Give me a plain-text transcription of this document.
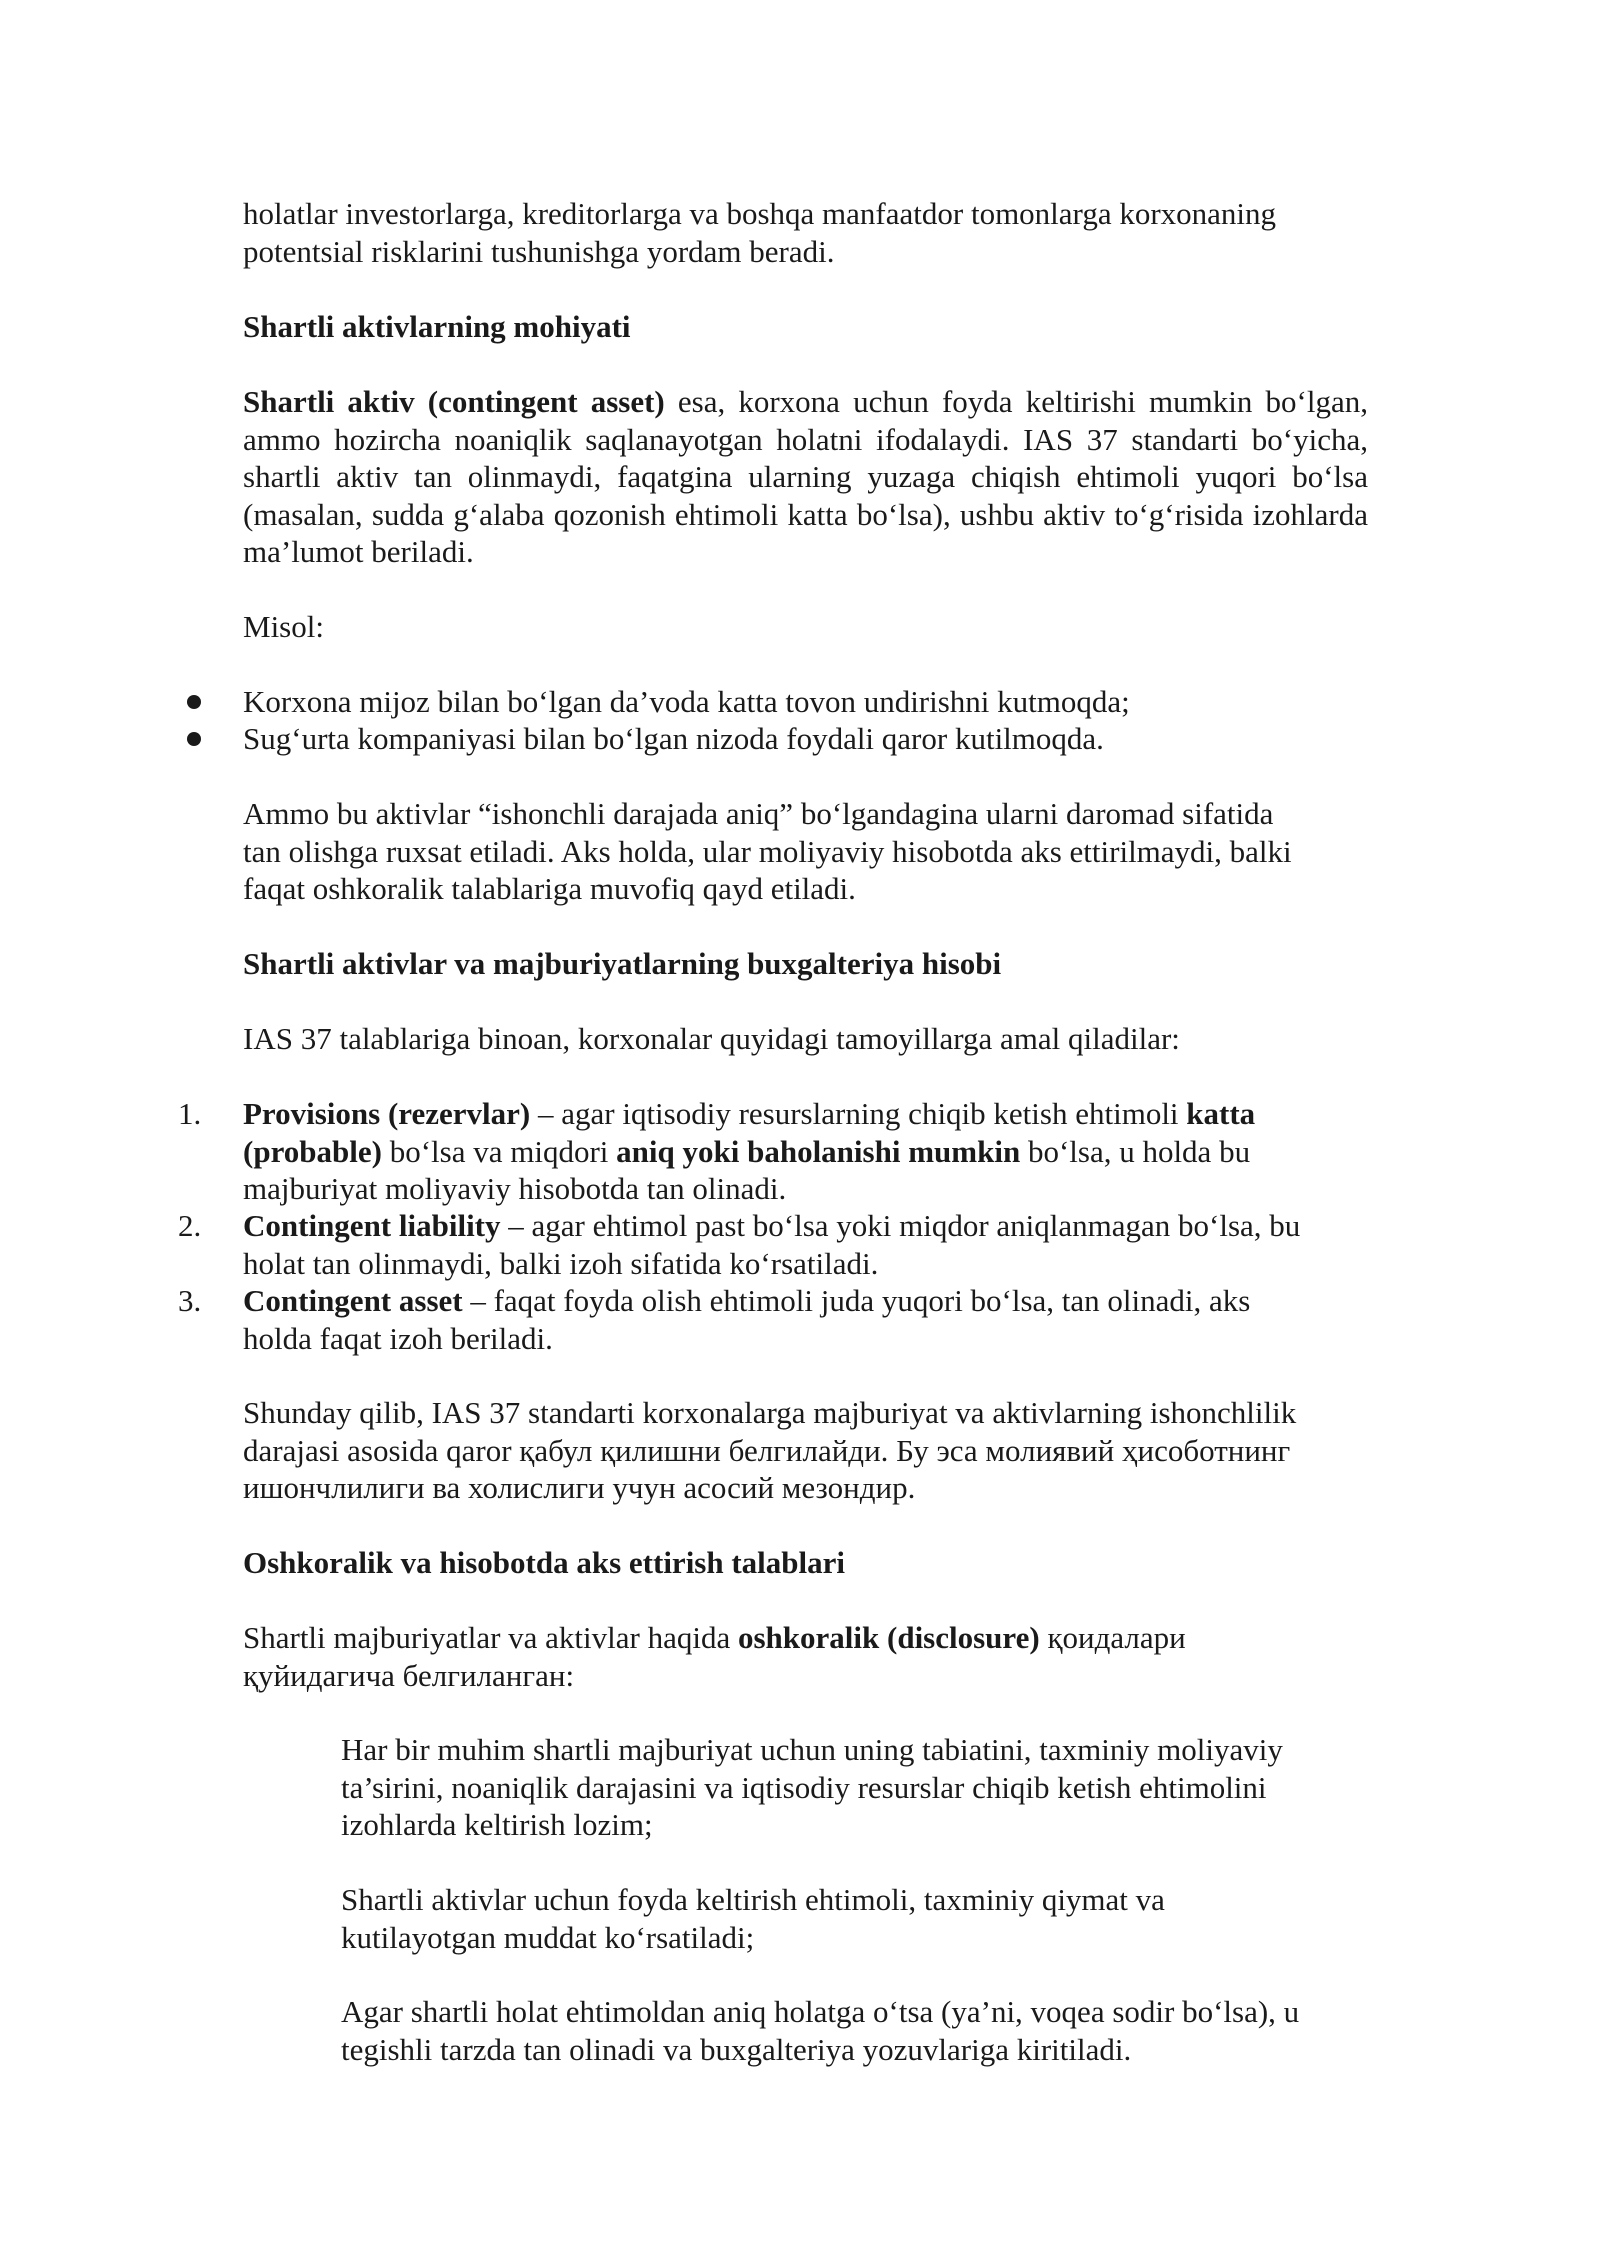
holatlar investorlarga, kreditorlarga va boshqa manfaatdor tomonlarga korxonaning

potentsial risklarini tushunishga yordam beradi.

Shartli aktivlarning mohiyati

Shartli aktiv (contingent asset) esa, korxona uchun foyda keltirishi mumkin bo‘lgan, ammo hozircha noaniqlik saqlanayotgan holatni ifodalaydi. IAS 37 standarti bo‘yicha, shartli aktiv tan olinmaydi, faqatgina ularning yuzaga chiqish ehtimoli yuqori bo‘lsa (masalan, sudda g‘alaba qozonish ehtimoli katta bo‘lsa), ushbu aktiv to‘g‘risida izohlarda ma’lumot beriladi.

Misol:

Korxona mijoz bilan bo‘lgan da’voda katta tovon undirishni kutmoqda;
Sug‘urta kompaniyasi bilan bo‘lgan nizoda foydali qaror kutilmoqda.

Ammo bu aktivlar “ishonchli darajada aniq” bo‘lgandagina ularni daromad sifatida

tan olishga ruxsat etiladi. Aks holda, ular moliyaviy hisobotda aks ettirilmaydi, balki

faqat oshkoralik talablariga muvofiq qayd etiladi.

Shartli aktivlar va majburiyatlarning buxgalteriya hisobi

IAS 37 talablariga binoan, korxonalar quyidagi tamoyillarga amal qiladilar:

1.	Provisions (rezervlar) – agar iqtisodiy resurslarning chiqib ketish ehtimoli katta
(probable) bo‘lsa va miqdori aniq yoki baholanishi mumkin bo‘lsa, u holda bu
majburiyat moliyaviy hisobotda tan olinadi.
2.	Contingent liability – agar ehtimol past bo‘lsa yoki miqdor aniqlanmagan bo‘lsa, bu
holat tan olinmaydi, balki izoh sifatida ko‘rsatiladi.
3.	Contingent asset – faqat foyda olish ehtimoli juda yuqori bo‘lsa, tan olinadi, aks
holda faqat izoh beriladi.

Shunday qilib, IAS 37 standarti korxonalarga majburiyat va aktivlarning ishonchlilik

darajasi asosida qaror қабул қилишни белгилайди. Бу эса молиявий ҳисоботнинг

ишончлилиги ва холислиги учун асосий мезондир.

Oshkoralik va hisobotda aks ettirish talablari

Shartli majburiyatlar va aktivlar haqida oshkoralik (disclosure) қоидалари

қуйидагича белгиланган:

Har bir muhim shartli majburiyat uchun uning tabiatini, taxminiy moliyaviy

ta’sirini, noaniqlik darajasini va iqtisodiy resurslar chiqib ketish ehtimolini

izohlarda keltirish lozim;

Shartli aktivlar uchun foyda keltirish ehtimoli, taxminiy qiymat va

kutilayotgan muddat ko‘rsatiladi;

Agar shartli holat ehtimoldan aniq holatga o‘tsa (ya’ni, voqea sodir bo‘lsa), u

tegishli tarzda tan olinadi va buxgalteriya yozuvlariga kiritiladi.
